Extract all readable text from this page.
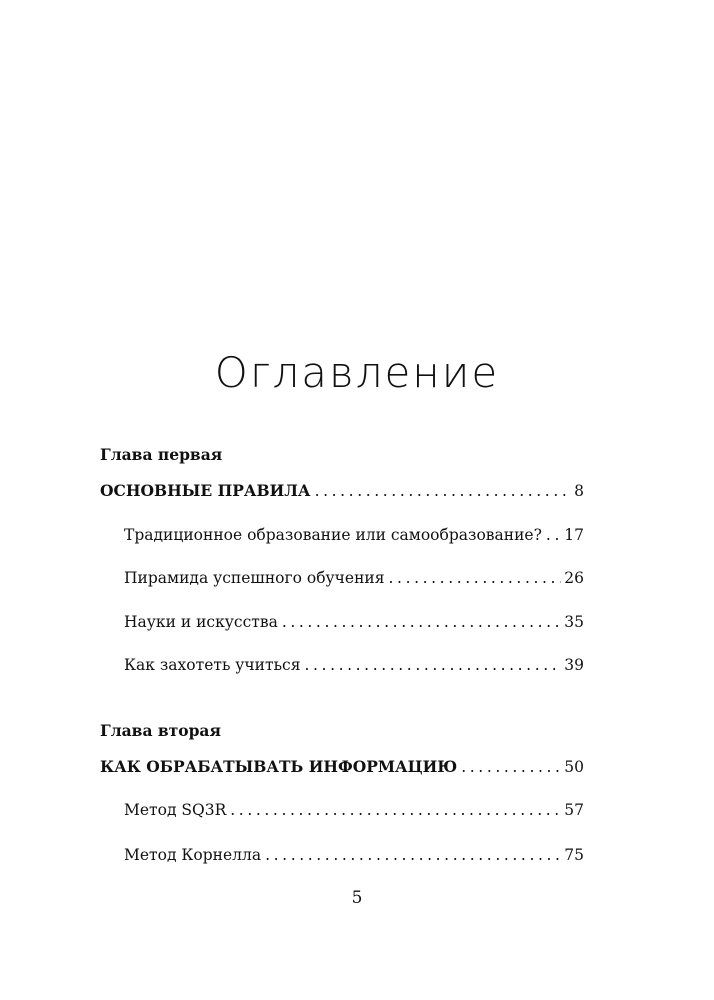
Оглавление
Глава первая
ОСНОВНЫЕ ПРАВИЛА .....	8
Традиционное образование или самообразование? ..... 17
Пирамида успешного обучения .....	26
Науки и искусства .....	35
Как захотеть учиться .....	39
Глава вторая
КАК ОБРАБАТЫВАТЬ ИНФОРМАЦИЮ .....	50
Метод SQ3R .....	57
Метод Корнелла .....	75
5
